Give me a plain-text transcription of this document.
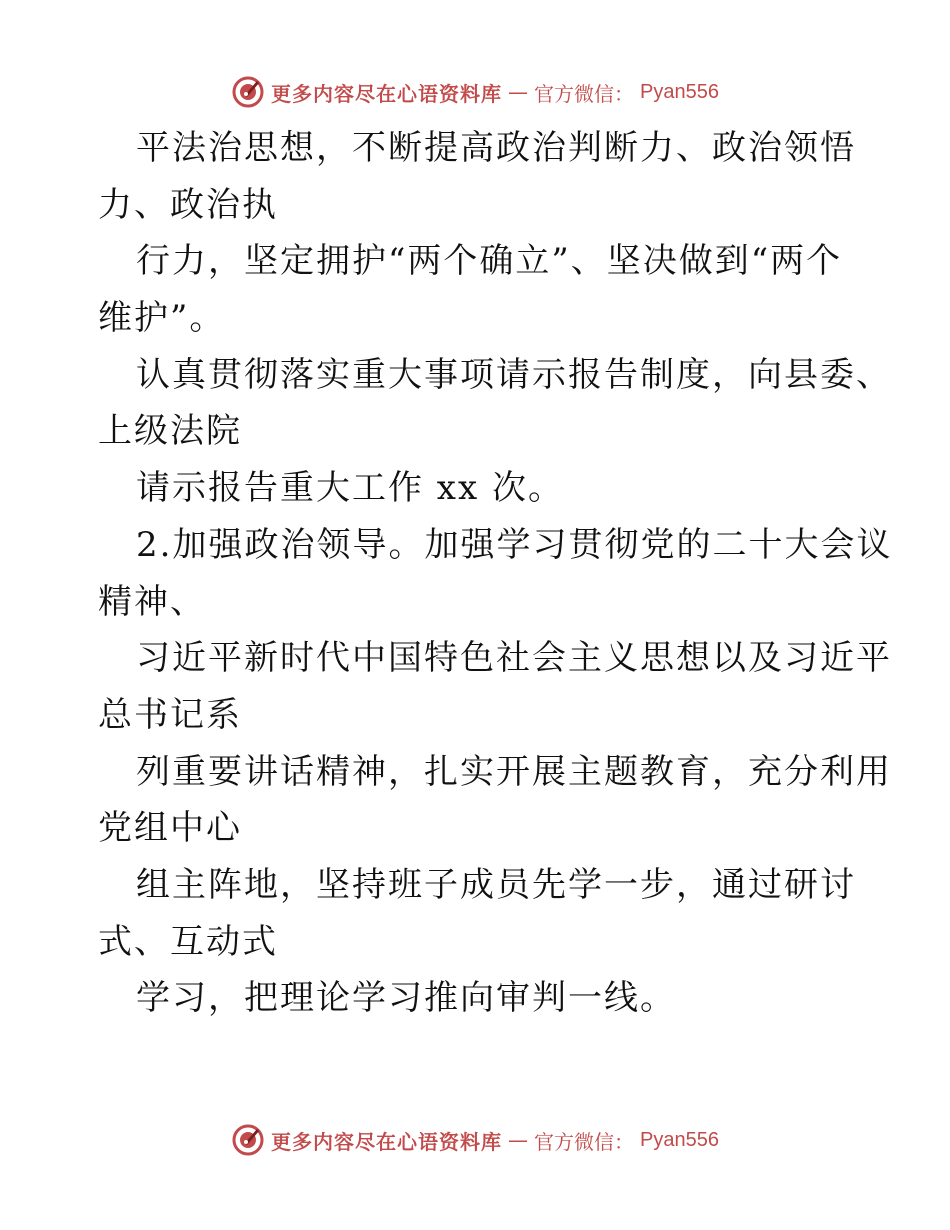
更多内容尽在心语资料库 — 官方微信： Pyan556
平法治思想，不断提高政治判断力、政治领悟
力、政治执
行力，坚定拥护“两个确立”、坚决做到“两个
维护”。
认真贯彻落实重大事项请示报告制度，向县委、
上级法院
请示报告重大工作 xx 次。
2.加强政治领导。加强学习贯彻党的二十大会议
精神、
习近平新时代中国特色社会主义思想以及习近平
总书记系
列重要讲话精神，扎实开展主题教育，充分利用
党组中心
组主阵地，坚持班子成员先学一步，通过研讨
式、互动式
学习，把理论学习推向审判一线。
更多内容尽在心语资料库 — 官方微信： Pyan556
